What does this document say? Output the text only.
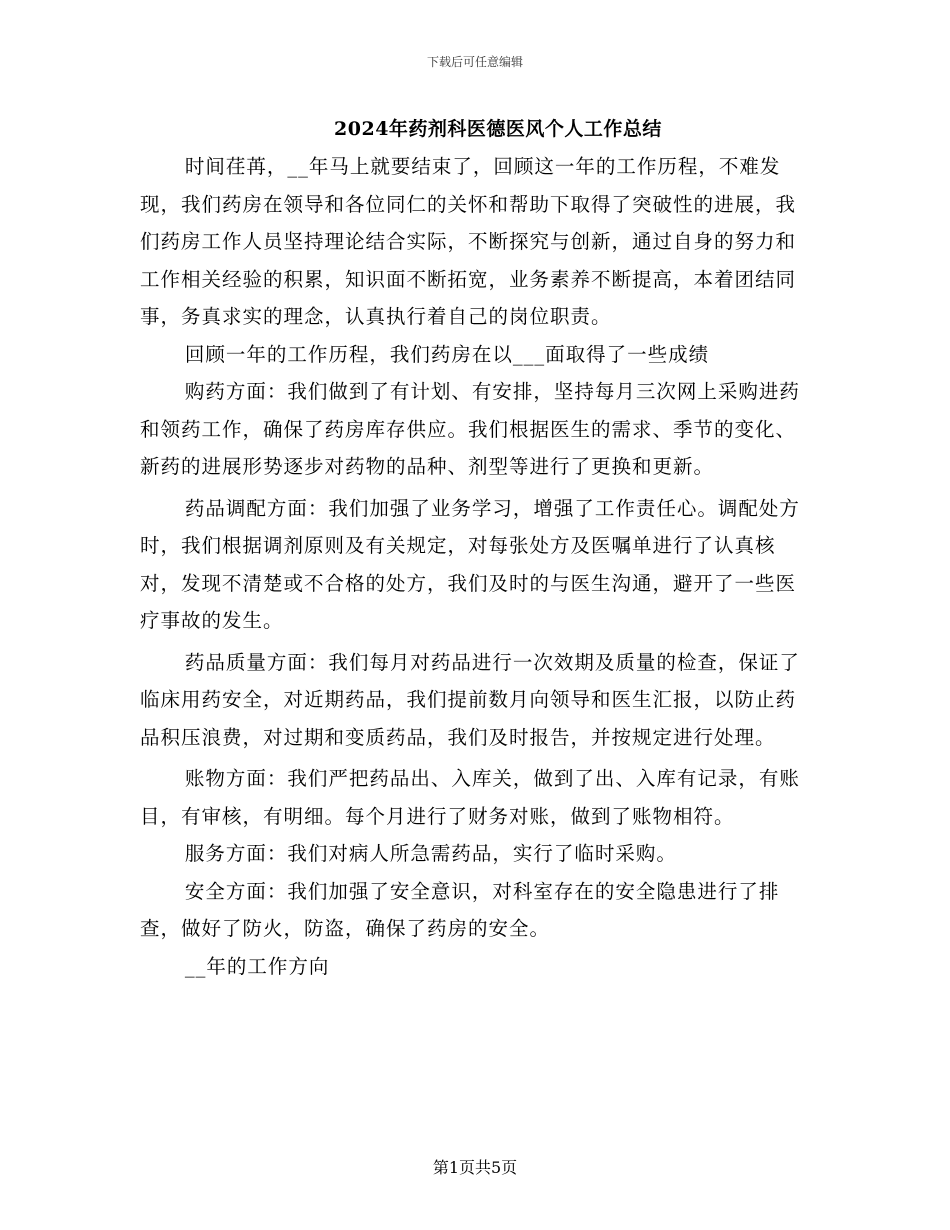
下载后可任意编辑
2024年药剂科医德医风个人工作总结

时间荏苒，__年马上就要结束了，回顾这一年的工作历程，不难发现，我们药房在领导和各位同仁的关怀和帮助下取得了突破性的进展，我们药房工作人员坚持理论结合实际，不断探究与创新，通过自身的努力和工作相关经验的积累，知识面不断拓宽，业务素养不断提高，本着团结同事，务真求实的理念，认真执行着自己的岗位职责。

回顾一年的工作历程，我们药房在以___面取得了一些成绩

购药方面：我们做到了有计划、有安排，坚持每月三次网上采购进药和领药工作，确保了药房库存供应。我们根据医生的需求、季节的变化、新药的进展形势逐步对药物的品种、剂型等进行了更换和更新。

药品调配方面：我们加强了业务学习，增强了工作责任心。调配处方时，我们根据调剂原则及有关规定，对每张处方及医嘱单进行了认真核对，发现不清楚或不合格的处方，我们及时的与医生沟通，避开了一些医疗事故的发生。

药品质量方面：我们每月对药品进行一次效期及质量的检查，保证了临床用药安全，对近期药品，我们提前数月向领导和医生汇报，以防止药品积压浪费，对过期和变质药品，我们及时报告，并按规定进行处理。

账物方面：我们严把药品出、入库关，做到了出、入库有记录，有账目，有审核，有明细。每个月进行了财务对账，做到了账物相符。

服务方面：我们对病人所急需药品，实行了临时采购。

安全方面：我们加强了安全意识，对科室存在的安全隐患进行了排查，做好了防火，防盗，确保了药房的安全。

__年的工作方向

第1页共5页
